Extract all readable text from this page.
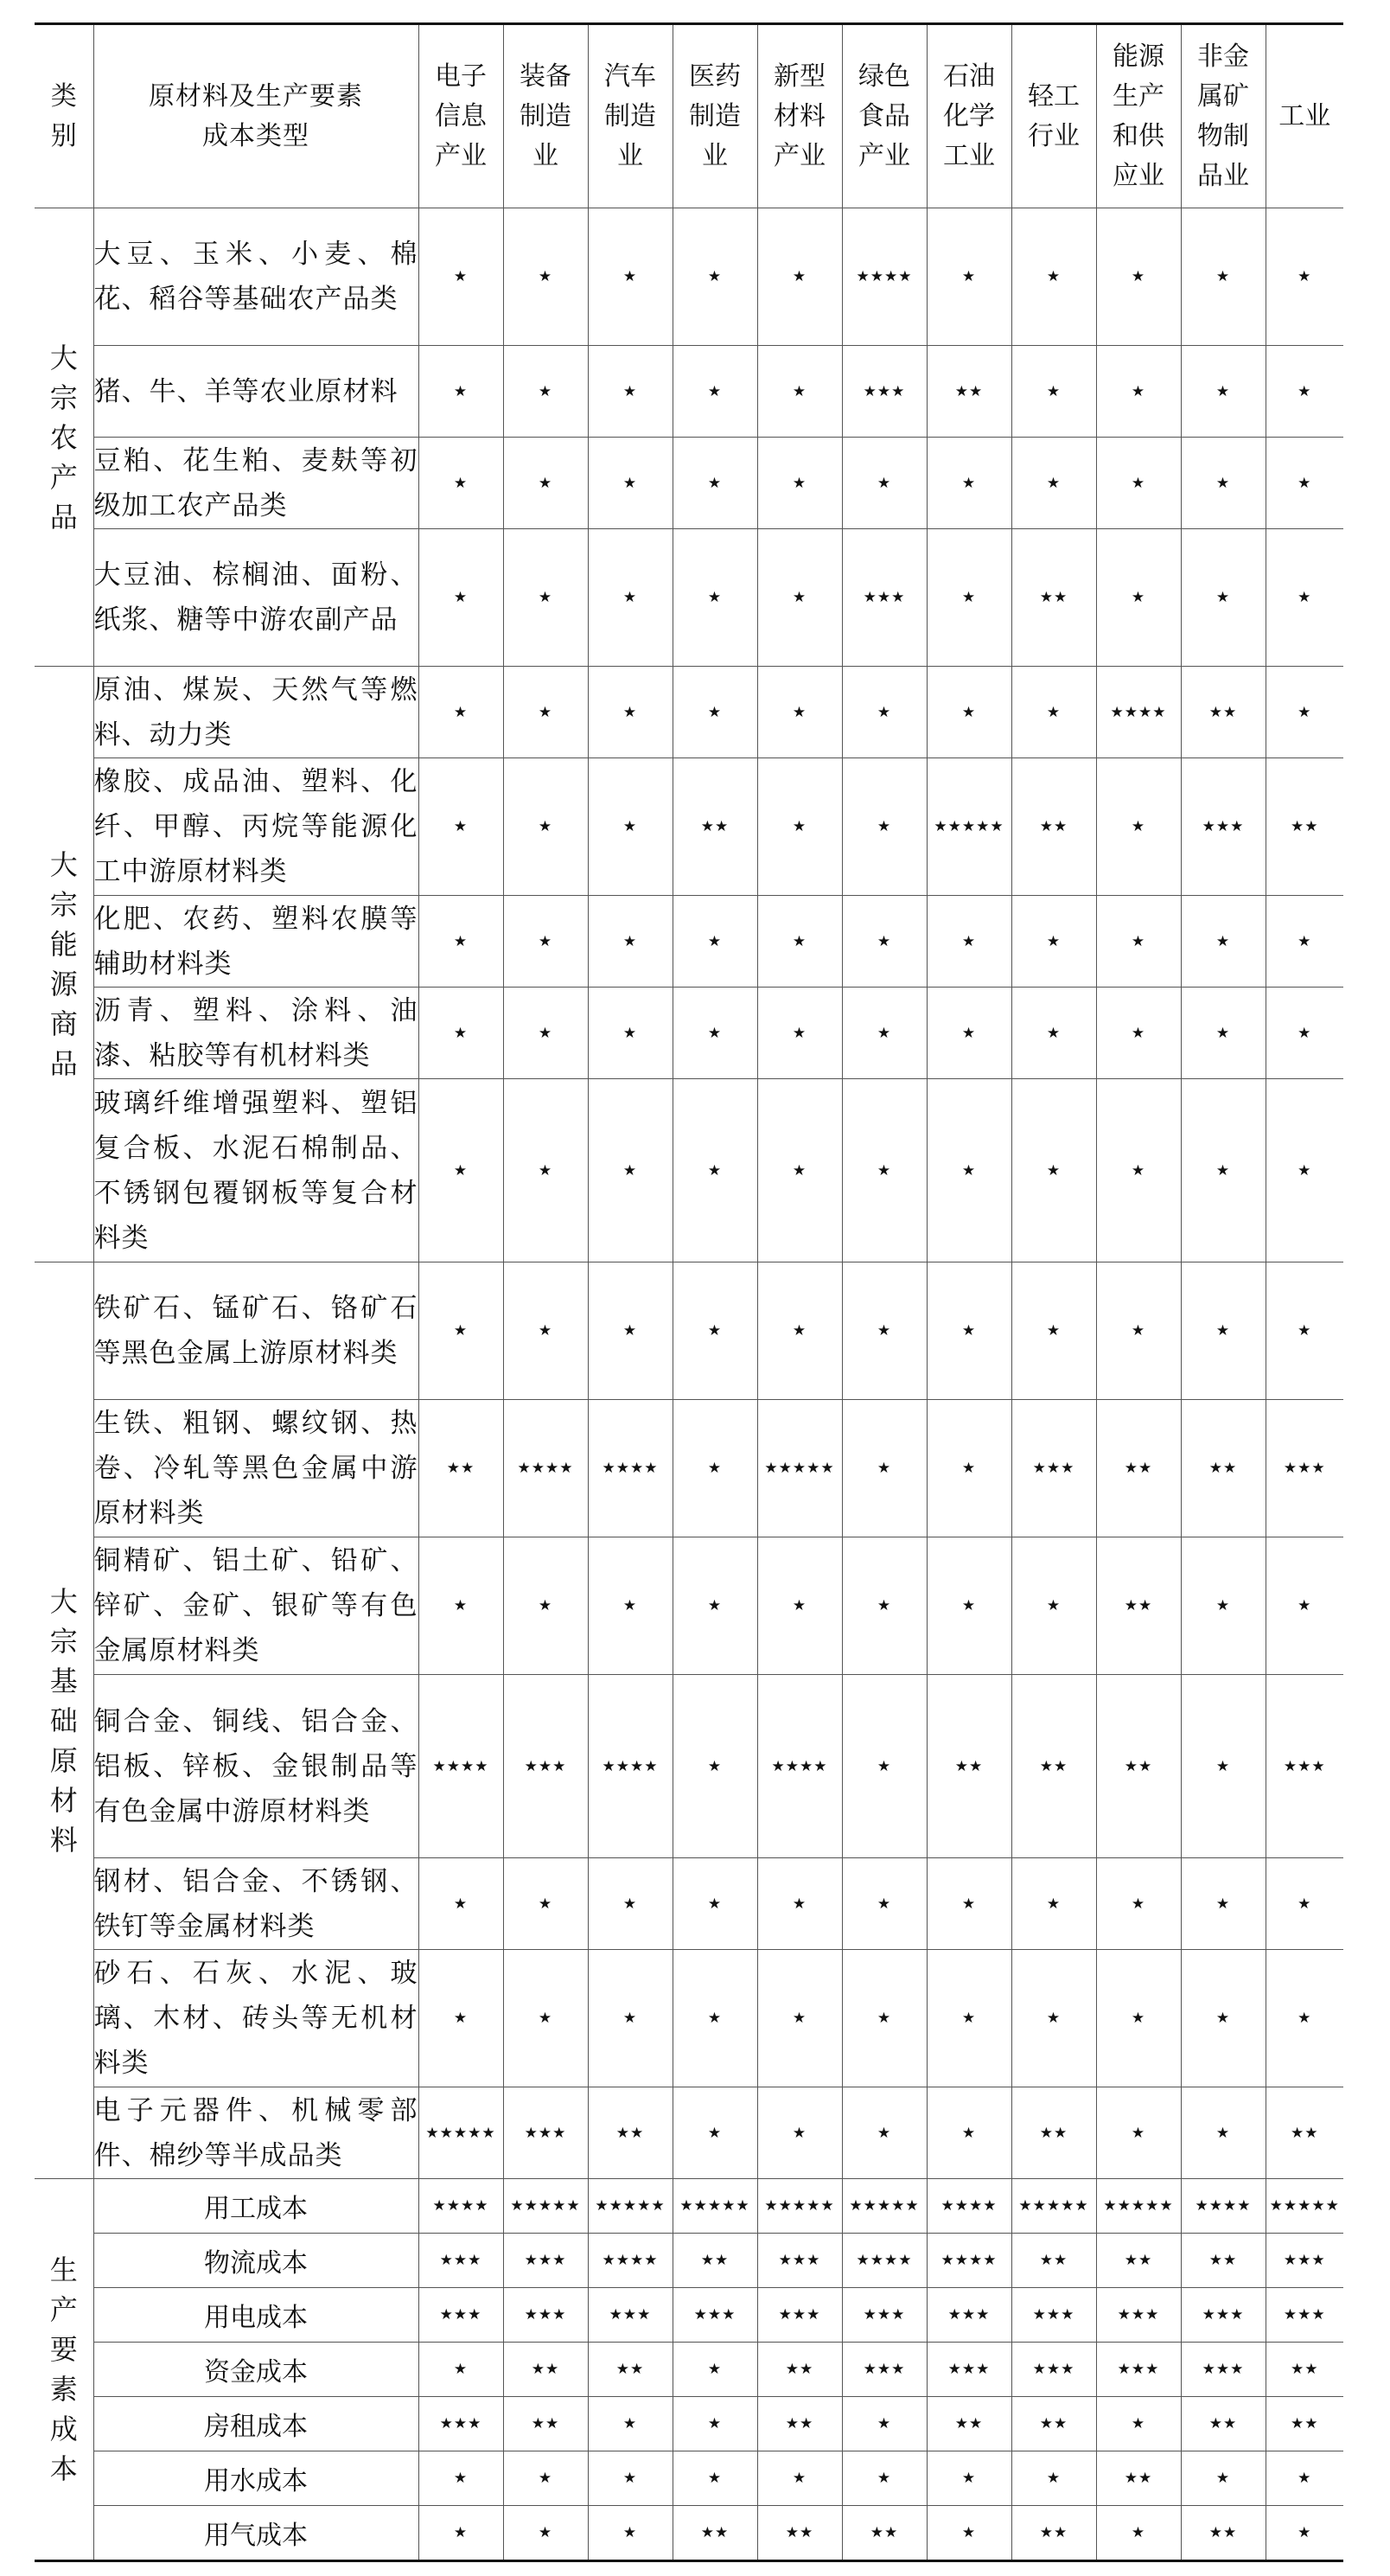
类别	原材料及生产要素成本类型	电子信息产业	装备制造业	汽车制造业	医药制造业	新型材料产业	绿色食品产业	石油化学工业	轻工行业	能源生产和供应业	非金属矿物制品业	工业
大宗农产品	大豆、玉米、小麦、棉花、稻谷等基础农产品类	★	★	★	★	★	★★★★	★	★	★	★	★
	猪、牛、羊等农业原材料	★	★	★	★	★	★★★	★★	★	★	★	★
	豆粕、花生粕、麦麸等初级加工农产品类	★	★	★	★	★	★	★	★	★	★	★
	大豆油、棕榈油、面粉、纸浆、糖等中游农副产品	★	★	★	★	★	★★★	★	★★	★	★	★
大宗能源商品	原油、煤炭、天然气等燃料、动力类	★	★	★	★	★	★	★	★	★★★★	★★	★
	橡胶、成品油、塑料、化纤、甲醇、丙烷等能源化工中游原材料类	★	★	★	★★	★	★	★★★★★	★★	★	★★★	★★
	化肥、农药、塑料农膜等辅助材料类	★	★	★	★	★	★	★	★	★	★	★
	沥青、塑料、涂料、油漆、粘胶等有机材料类	★	★	★	★	★	★	★	★	★	★	★
	玻璃纤维增强塑料、塑铝复合板、水泥石棉制品、不锈钢包覆钢板等复合材料类	★	★	★	★	★	★	★	★	★	★	★
大宗基础原材料	铁矿石、锰矿石、铬矿石等黑色金属上游原材料类	★	★	★	★	★	★	★	★	★	★	★
	生铁、粗钢、螺纹钢、热卷、冷轧等黑色金属中游原材料类	★★	★★★★	★★★★	★	★★★★★	★	★	★★★	★★	★★	★★★
	铜精矿、铝土矿、铅矿、锌矿、金矿、银矿等有色金属原材料类	★	★	★	★	★	★	★	★	★★	★	★
	铜合金、铜线、铝合金、铝板、锌板、金银制品等有色金属中游原材料类	★★★★	★★★	★★★★	★	★★★★	★	★★	★★	★★	★	★★★
	钢材、铝合金、不锈钢、铁钉等金属材料类	★	★	★	★	★	★	★	★	★	★	★
	砂石、石灰、水泥、玻璃、木材、砖头等无机材料类	★	★	★	★	★	★	★	★	★	★	★
	电子元器件、机械零部件、棉纱等半成品类	★★★★★	★★★	★★	★	★	★	★	★★	★	★	★★
生产要素成本	用工成本	★★★★	★★★★★	★★★★★	★★★★★	★★★★★	★★★★★	★★★★	★★★★★	★★★★★	★★★★	★★★★★
	物流成本	★★★	★★★	★★★★	★★	★★★	★★★★	★★★★	★★	★★	★★	★★★
	用电成本	★★★	★★★	★★★	★★★	★★★	★★★	★★★	★★★	★★★	★★★	★★★
	资金成本	★	★★	★★	★	★★	★★★	★★★	★★★	★★★	★★★	★★
	房租成本	★★★	★★	★	★	★★	★	★★	★★	★	★★	★★
	用水成本	★	★	★	★	★	★	★	★	★★	★	★
	用气成本	★	★	★	★★	★★	★★	★	★★	★	★★	★
